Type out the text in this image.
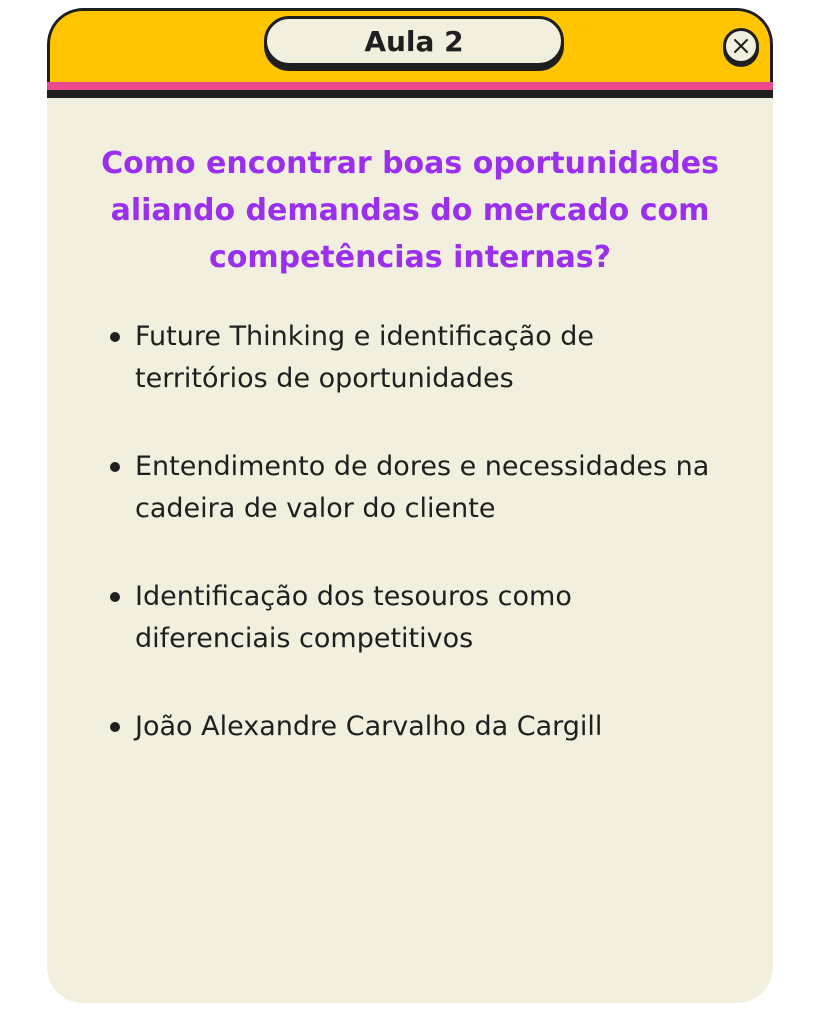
Aula 2
Como encontrar boas oportunidades
aliando demandas do mercado com
competências internas?
Future Thinking e identificação de
territórios de oportunidades
Entendimento de dores e necessidades na
cadeira de valor do cliente
Identificação dos tesouros como
diferenciais competitivos
João Alexandre Carvalho da Cargill
